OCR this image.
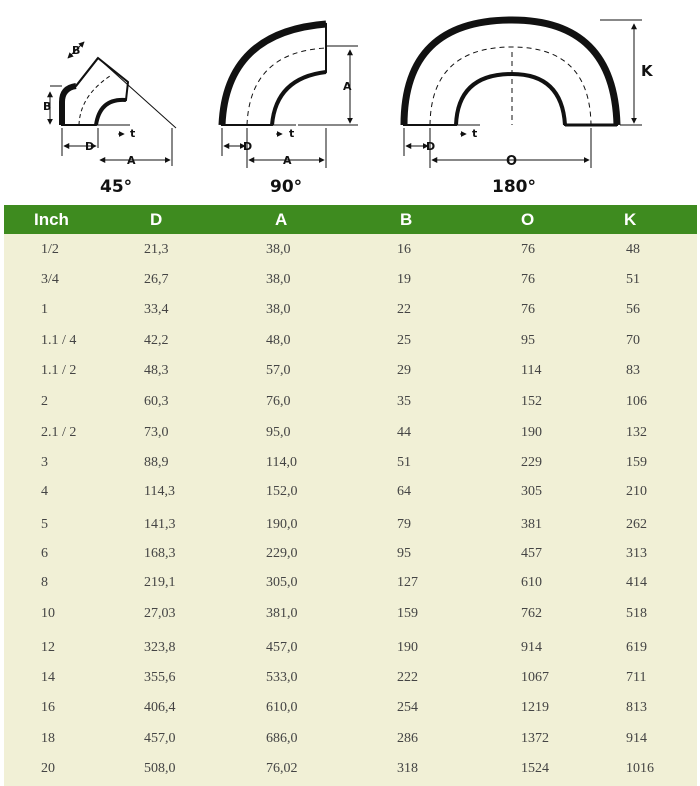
B
B
t
D
A
45°
A
t
D
A
90°
K
t
D
O
180°
Inch	D	A	B	O	K
1/2	21,3	38,0	16	76	48
3/4	26,7	38,0	19	76	51
1	33,4	38,0	22	76	56
1.1 / 4	42,2	48,0	25	95	70
1.1 / 2	48,3	57,0	29	114	83
2	60,3	76,0	35	152	106
2.1 / 2	73,0	95,0	44	190	132
3	88,9	114,0	51	229	159
4	114,3	152,0	64	305	210
5	141,3	190,0	79	381	262
6	168,3	229,0	95	457	313
8	219,1	305,0	127	610	414
10	27,03	381,0	159	762	518
12	323,8	457,0	190	914	619
14	355,6	533,0	222	1067	711
16	406,4	610,0	254	1219	813
18	457,0	686,0	286	1372	914
20	508,0	76,02	318	1524	1016
